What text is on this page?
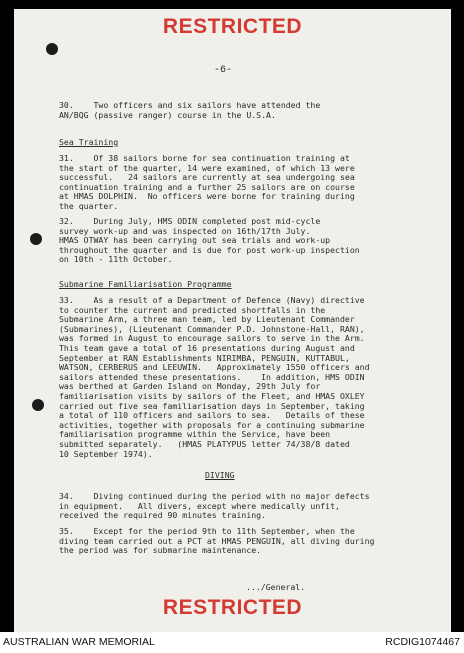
RESTRICTED
-6-
30.    Two officers and six sailors have attended the
AN/BQG (passive ranger) course in the U.S.A.
Sea Training
31.    Of 38 sailors borne for sea continuation training at
the start of the quarter, 14 were examined, of which 13 were
successful.   24 sailors are currently at sea undergoing sea
continuation training and a further 25 sailors are on course
at HMAS DOLPHIN.  No officers were borne for training during
the quarter.
32.    During July, HMS ODIN completed post mid-cycle
survey work-up and was inspected on 16th/17th July.
HMAS OTWAY has been carrying out sea trials and work-up
throughout the quarter and is due for post work-up inspection
on 10th - 11th October.
Submarine Familiarisation Programme
33.    As a result of a Department of Defence (Navy) directive
to counter the current and predicted shortfalls in the
Submarine Arm, a three man team, led by Lieutenant Commander
(Submarines), (Lieutenant Commander P.D. Johnstone-Hall, RAN),
was formed in August to encourage sailors to serve in the Arm.
This team gave a total of 16 presentations during August and
September at RAN Establishments NIRIMBA, PENGUIN, KUTTABUL,
WATSON, CERBERUS and LEEUWIN.   Approximately 1550 officers and
sailors attended these presentations.    In addition, HMS ODIN
was berthed at Garden Island on Monday, 29th July for
familiarisation visits by sailors of the Fleet, and HMAS OXLEY
carried out five sea familiarisation days in September, taking
a total of 110 officers and sailors to sea.   Details of these
activities, together with proposals for a continuing submarine
familiarisation programme within the Service, have been
submitted separately.   (HMAS PLATYPUS letter 74/38/8 dated
10 September 1974).
DIVING
34.    Diving continued during the period with no major defects
in equipment.   All divers, except where medically unfit,
received the required 90 minutes training.
35.    Except for the period 9th to 11th September, when the
diving team carried out a PCT at HMAS PENGUIN, all diving during
the period was for submarine maintenance.
.../General.
RESTRICTED
AUSTRALIAN WAR MEMORIAL	RCDIG1074467
